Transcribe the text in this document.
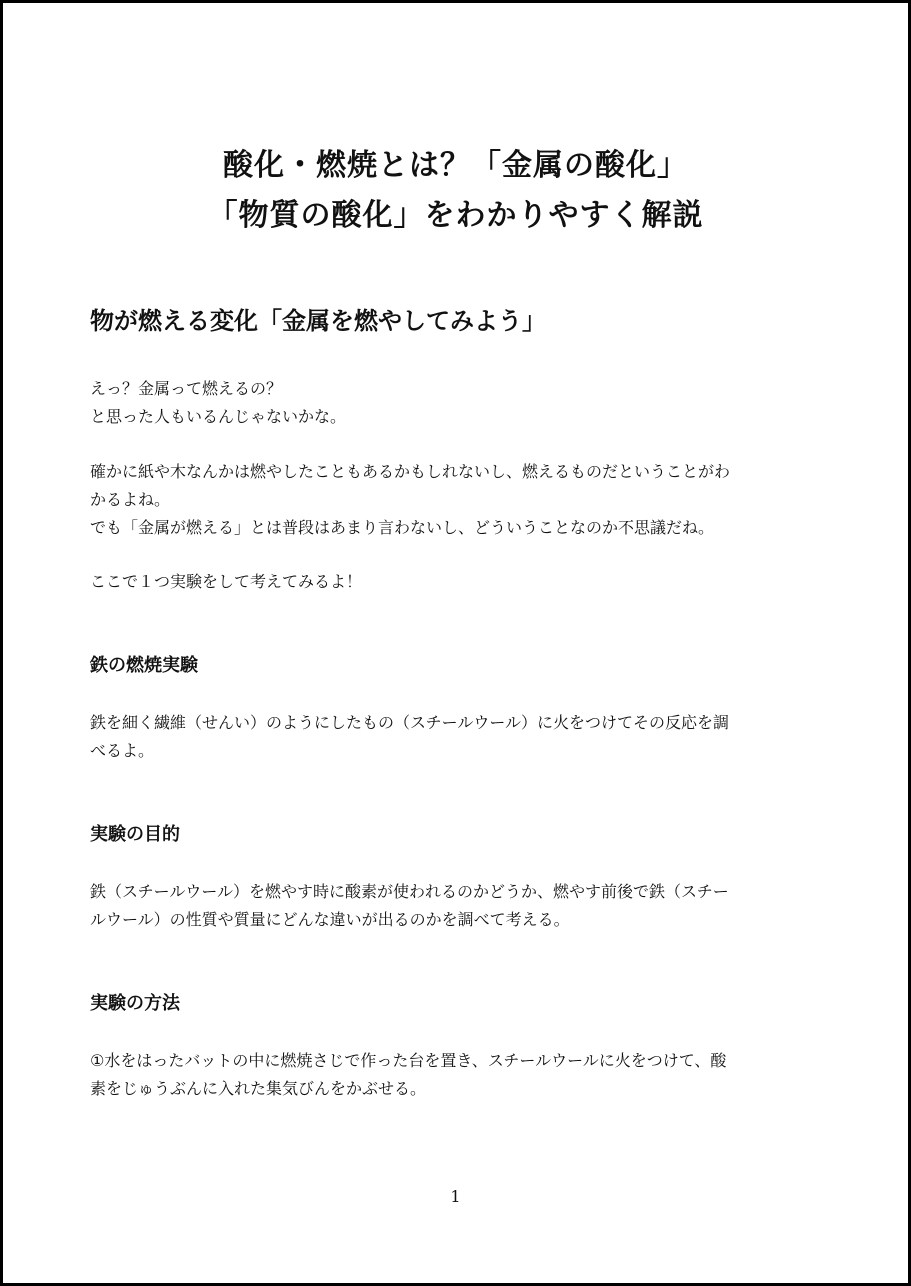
酸化・燃焼とは？「金属の酸化」
「物質の酸化」をわかりやすく解説
物が燃える変化「金属を燃やしてみよう」
えっ？金属って燃えるの？
と思った人もいるんじゃないかな。
確かに紙や木なんかは燃やしたこともあるかもしれないし、燃えるものだということがわ
かるよね。
でも「金属が燃える」とは普段はあまり言わないし、どういうことなのか不思議だね。
ここで１つ実験をして考えてみるよ！
鉄の燃焼実験
鉄を細く繊維（せんい）のようにしたもの（スチールウール）に火をつけてその反応を調
べるよ。
実験の目的
鉄（スチールウール）を燃やす時に酸素が使われるのかどうか、燃やす前後で鉄（スチー
ルウール）の性質や質量にどんな違いが出るのかを調べて考える。
実験の方法
①水をはったバットの中に燃焼さじで作った台を置き、スチールウールに火をつけて、酸
素をじゅうぶんに入れた集気びんをかぶせる。
1
